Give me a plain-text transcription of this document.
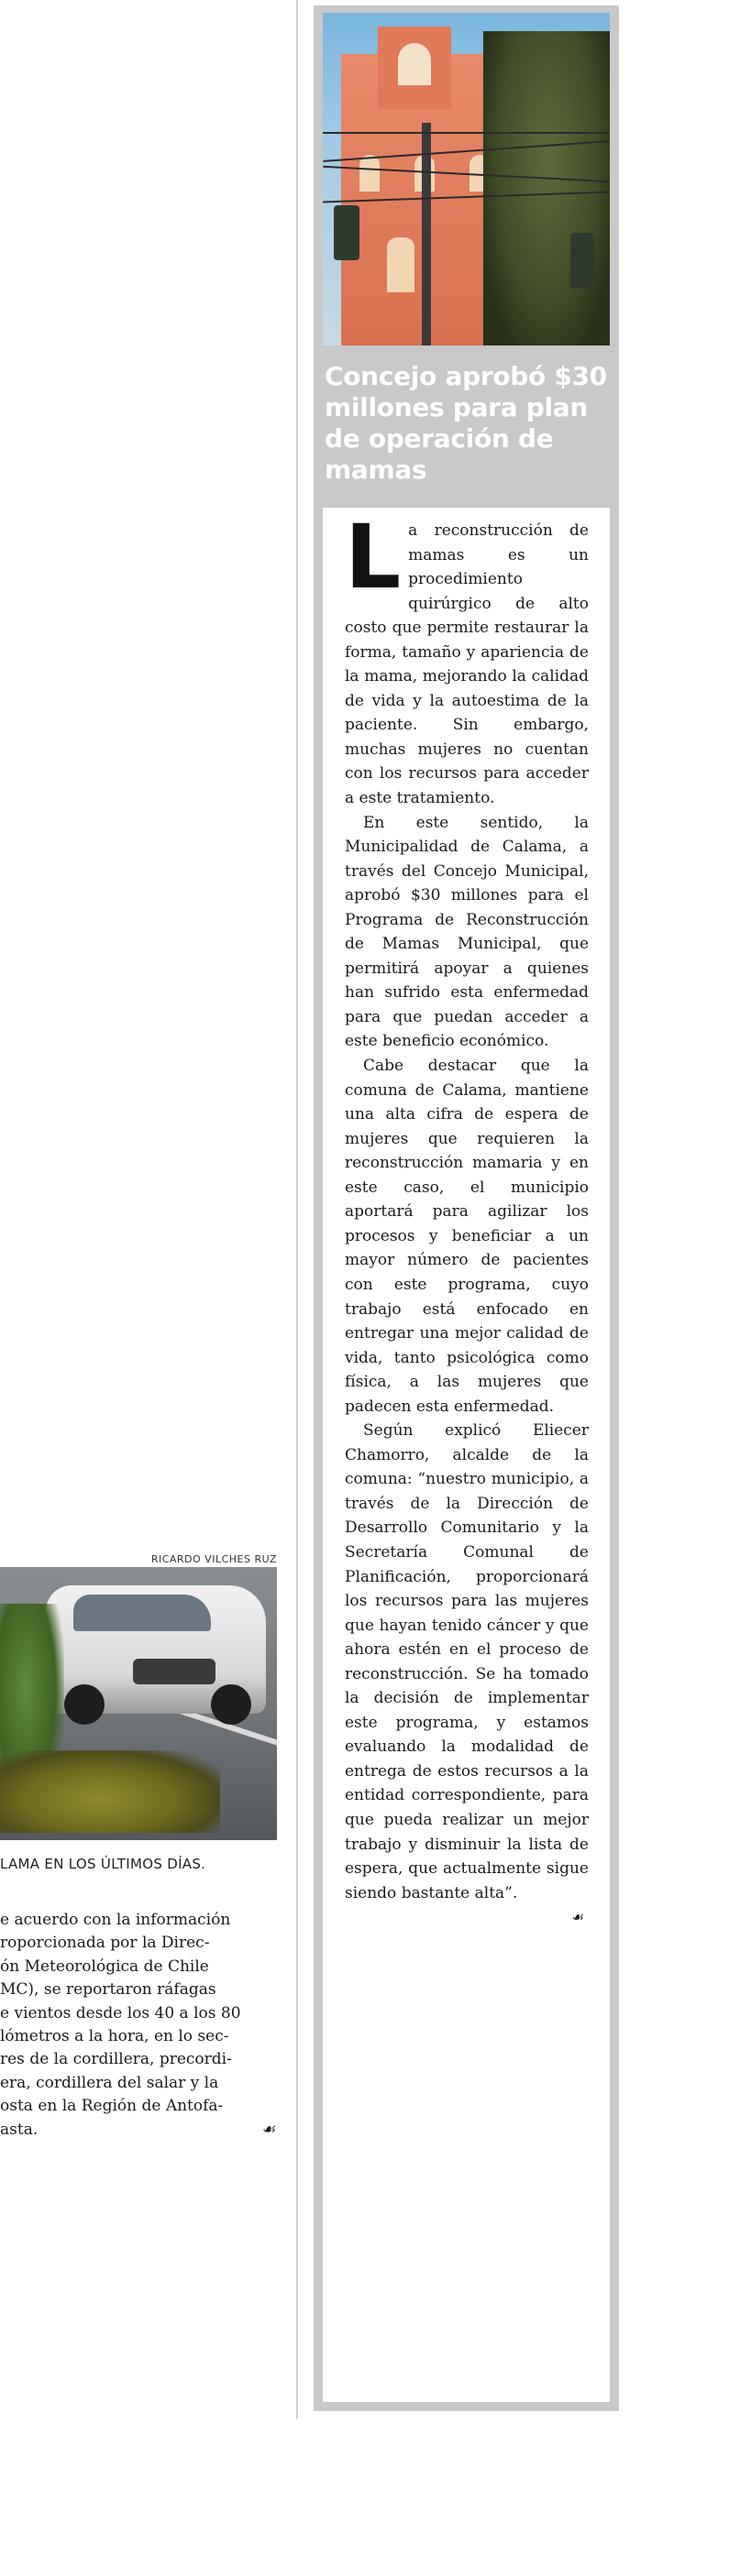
RICARDO VILCHES RUZ
LAMA EN LOS ÚLTIMOS DÍAS.
e acuerdo con la información
roporcionada por la Direc-
ón Meteorológica de Chile
MC), se reportaron ráfagas
e vientos desde los 40 a los 80
lómetros a la hora, en lo sec-
res de la cordillera, precordi-
era, cordillera del salar y la
osta en la Región de Antofa-
asta.	☙
Concejo aprobó $30 millones para plan de operación de mamas

La reconstrucción de mamas es un procedimiento quirúrgico de alto costo que permite restaurar la forma, tamaño y apariencia de la mama, mejorando la calidad de vida y la autoestima de la paciente. Sin embargo, muchas mujeres no cuentan con los recursos para acceder a este tratamiento.

En este sentido, la Municipalidad de Calama, a través del Concejo Municipal, aprobó $30 millones para el Programa de Reconstrucción de Mamas Municipal, que permitirá apoyar a quienes han sufrido esta enfermedad para que puedan acceder a este beneficio económico.

Cabe destacar que la comuna de Calama, mantiene una alta cifra de espera de mujeres que requieren la reconstrucción mamaria y en este caso, el municipio aportará para agilizar los procesos y beneficiar a un mayor número de pacientes con este programa, cuyo trabajo está enfocado en entregar una mejor calidad de vida, tanto psicológica como física, a las mujeres que padecen esta enfermedad.

Según explicó Eliecer Chamorro, alcalde de la comuna: “nuestro municipio, a través de la Dirección de Desarrollo Comunitario y la Secretaría Comunal de Planificación, proporcionará los recursos para las mujeres que hayan tenido cáncer y que ahora estén en el proceso de reconstrucción. Se ha tomado la decisión de implementar este programa, y estamos evaluando la modalidad de entrega de estos recursos a la entidad correspondiente, para que pueda realizar un mejor trabajo y disminuir la lista de espera, que actualmente sigue siendo bastante alta”.

☙
